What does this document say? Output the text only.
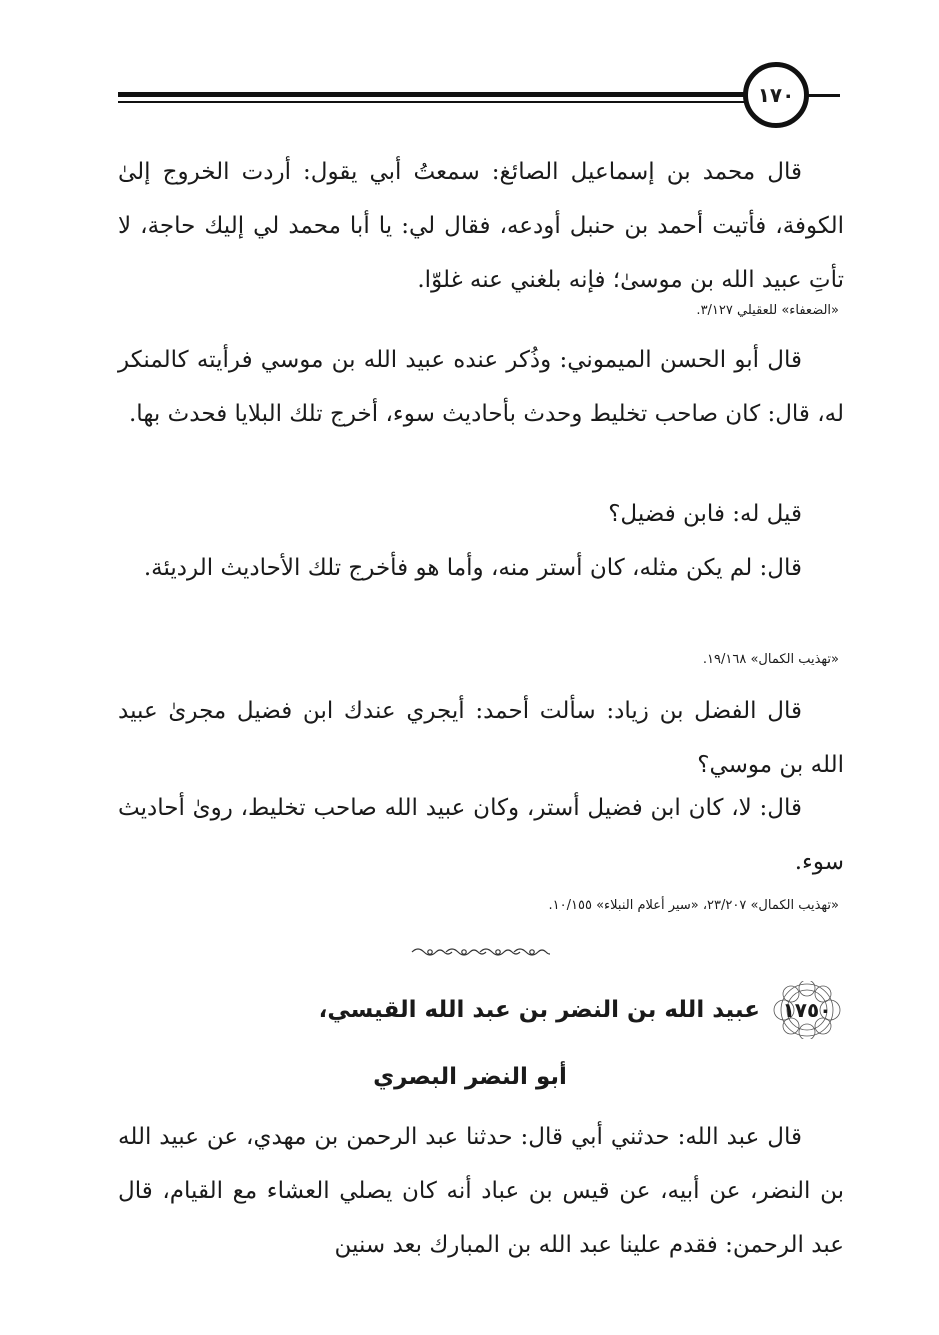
١٧٠

قال محمد بن إسماعيل الصائغ: سمعتُ أبي يقول: أردت الخروج إلىٰ الكوفة، فأتيت أحمد بن حنبل أودعه، فقال لي: يا أبا محمد لي إليك حاجة، لا تأتِ عبيد الله بن موسىٰ؛ فإنه بلغني عنه غلوّا.

«الضعفاء» للعقيلي ٣/١٢٧.

قال أبو الحسن الميموني: وذُكر عنده عبيد الله بن موسي فرأيته كالمنكر له، قال: كان صاحب تخليط وحدث بأحاديث سوء، أخرج تلك البلايا فحدث بها.

قيل له: فابن فضيل؟

قال: لم يكن مثله، كان أستر منه، وأما هو فأخرج تلك الأحاديث الرديئة.

«تهذيب الكمال» ١٩/١٦٨.

قال الفضل بن زياد: سألت أحمد: أيجري عندك ابن فضيل مجرىٰ عبيد الله بن موسي؟

قال: لا، كان ابن فضيل أستر، وكان عبيد الله صاحب تخليط، روىٰ أحاديث سوء.

«تهذيب الكمال» ٢٣/٢٠٧، «سير أعلام النبلاء» ١٠/١٥٥.
١٧٥٠
عبيد الله بن النضر بن عبد الله القيسي،
أبو النضر البصري

قال عبد الله: حدثني أبي قال: حدثنا عبد الرحمن بن مهدي، عن عبيد الله بن النضر، عن أبيه، عن قيس بن عباد أنه كان يصلي العشاء مع القيام، قال عبد الرحمن: فقدم علينا عبد الله بن المبارك بعد سنين
